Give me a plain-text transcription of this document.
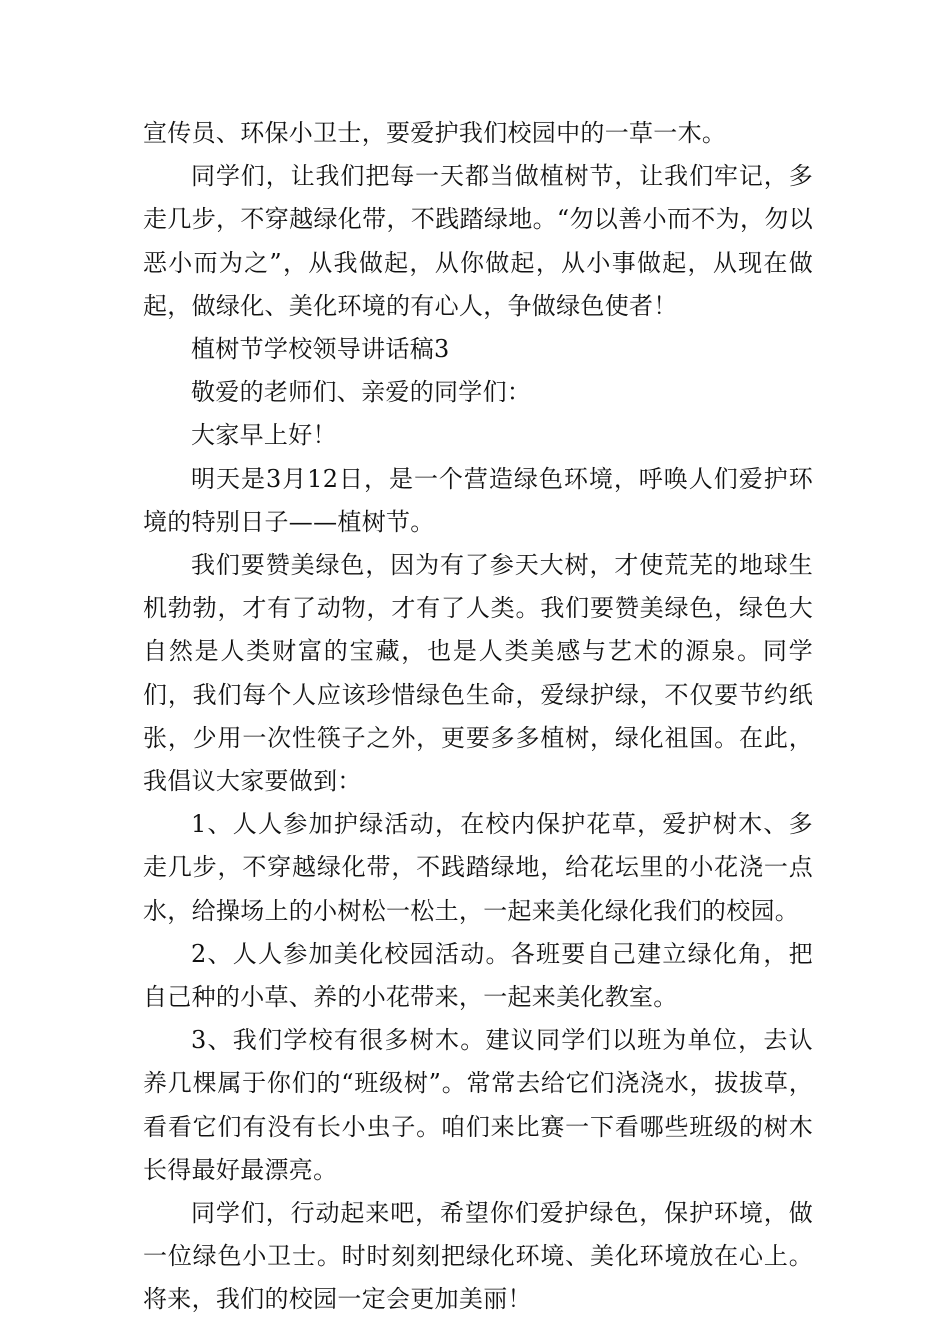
宣传员、环保小卫士，要爱护我们校园中的一草一木。

同学们，让我们把每一天都当做植树节，让我们牢记，多走几步，不穿越绿化带，不践踏绿地。“勿以善小而不为，勿以恶小而为之”，从我做起，从你做起，从小事做起，从现在做起，做绿化、美化环境的有心人，争做绿色使者！

植树节学校领导讲话稿3

敬爱的老师们、亲爱的同学们：

大家早上好！

明天是3月12日，是一个营造绿色环境，呼唤人们爱护环境的特别日子——植树节。

我们要赞美绿色，因为有了参天大树，才使荒芜的地球生机勃勃，才有了动物，才有了人类。我们要赞美绿色，绿色大自然是人类财富的宝藏，也是人类美感与艺术的源泉。同学们，我们每个人应该珍惜绿色生命，爱绿护绿，不仅要节约纸张，少用一次性筷子之外，更要多多植树，绿化祖国。在此，我倡议大家要做到：

1、人人参加护绿活动，在校内保护花草，爱护树木、多走几步，不穿越绿化带，不践踏绿地，给花坛里的小花浇一点水，给操场上的小树松一松土，一起来美化绿化我们的校园。

2、人人参加美化校园活动。各班要自己建立绿化角，把自己种的小草、养的小花带来，一起来美化教室。

3、我们学校有很多树木。建议同学们以班为单位，去认养几棵属于你们的“班级树”。常常去给它们浇浇水，拔拔草，看看它们有没有长小虫子。咱们来比赛一下看哪些班级的树木长得最好最漂亮。

同学们，行动起来吧，希望你们爱护绿色，保护环境，做一位绿色小卫士。时时刻刻把绿化环境、美化环境放在心上。将来，我们的校园一定会更加美丽！
